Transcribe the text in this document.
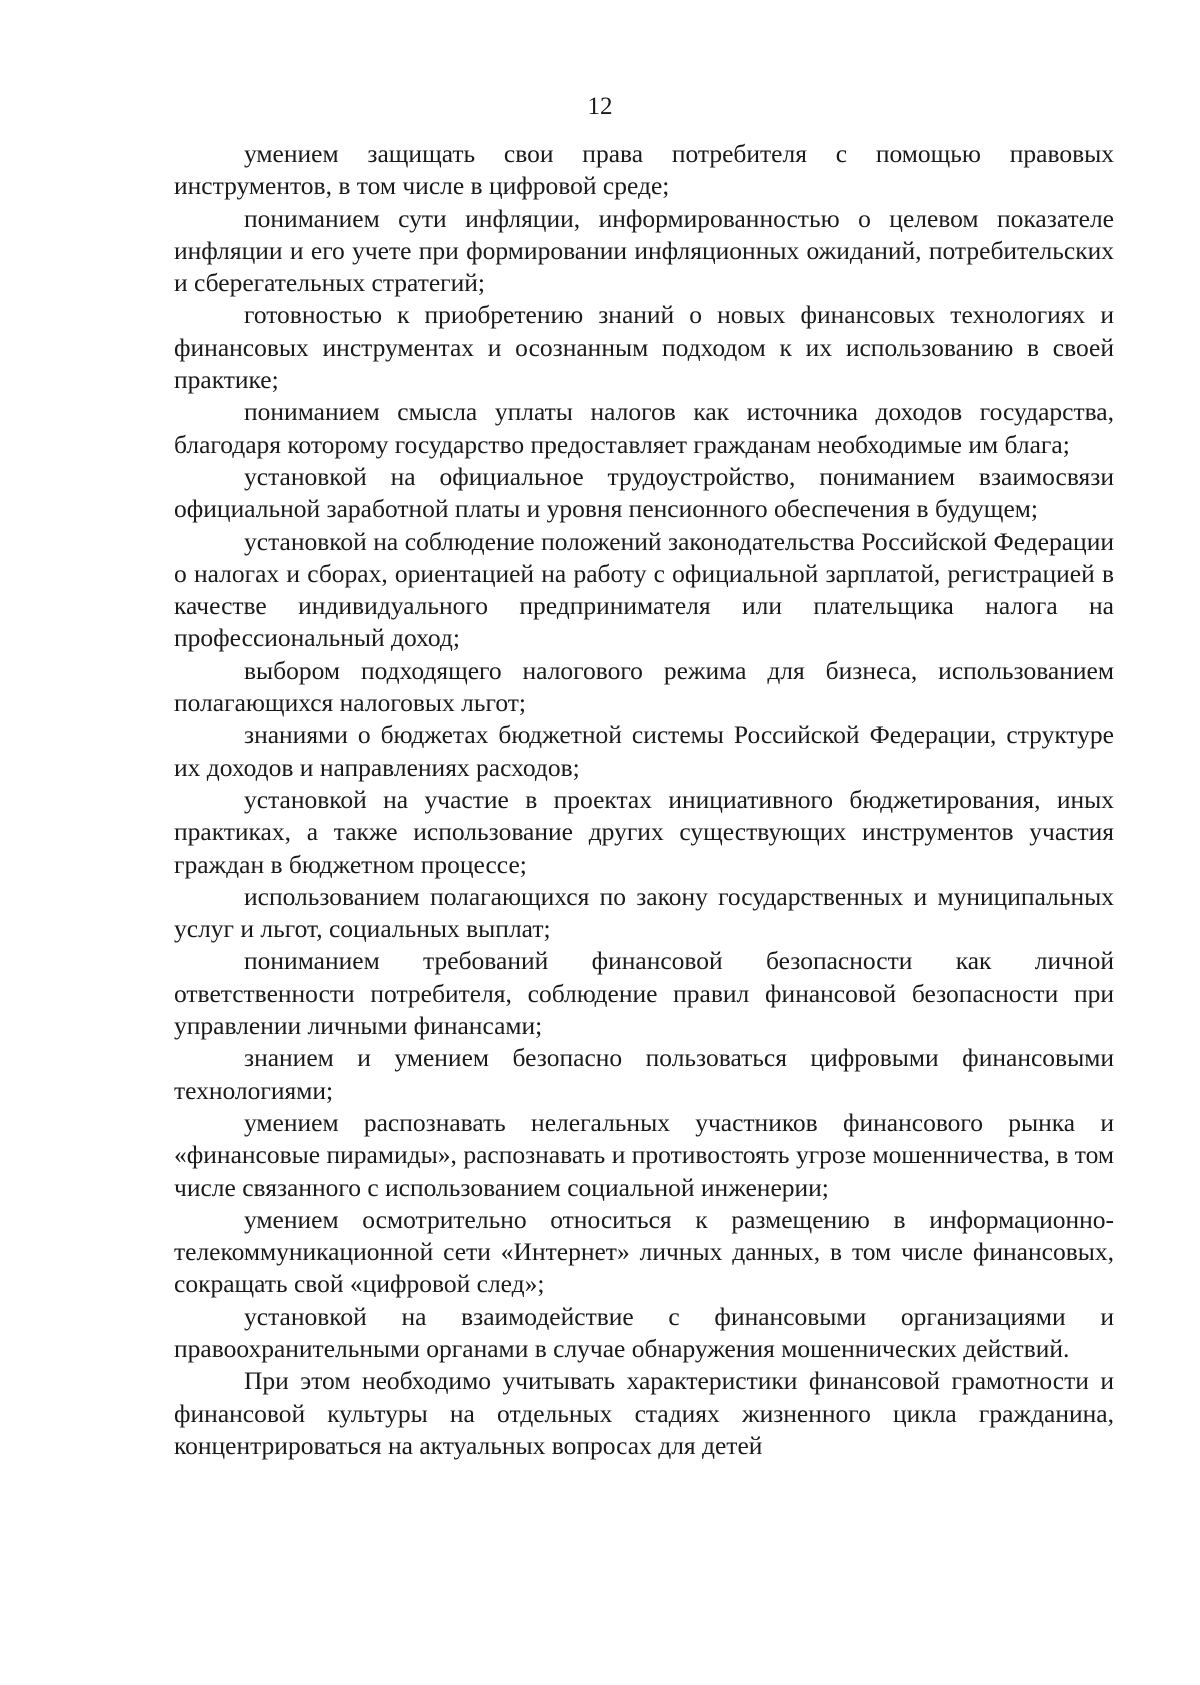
12

умением защищать свои права потребителя с помощью правовых инструментов, в том числе в цифровой среде;

пониманием сути инфляции, информированностью о целевом показателе инфляции и его учете при формировании инфляционных ожиданий, потребительских и сберегательных стратегий;

готовностью к приобретению знаний о новых финансовых технологиях и финансовых инструментах и осознанным подходом к их использованию в своей практике;

пониманием смысла уплаты налогов как источника доходов государства, благодаря которому государство предоставляет гражданам необходимые им блага;

установкой на официальное трудоустройство, пониманием взаимосвязи официальной заработной платы и уровня пенсионного обеспечения в будущем;

установкой на соблюдение положений законодательства Российской Федерации о налогах и сборах, ориентацией на работу с официальной зарплатой, регистрацией в качестве индивидуального предпринимателя или плательщика налога на профессиональный доход;

выбором подходящего налогового режима для бизнеса, использованием полагающихся налоговых льгот;

знаниями о бюджетах бюджетной системы Российской Федерации, структуре их доходов и направлениях расходов;

установкой на участие в проектах инициативного бюджетирования, иных практиках, а также использование других существующих инструментов участия граждан в бюджетном процессе;

использованием полагающихся по закону государственных и муниципальных услуг и льгот, социальных выплат;

пониманием требований финансовой безопасности как личной ответственности потребителя, соблюдение правил финансовой безопасности при управлении личными финансами;

знанием и умением безопасно пользоваться цифровыми финансовыми технологиями;

умением распознавать нелегальных участников финансового рынка и «финансовые пирамиды», распознавать и противостоять угрозе мошенничества, в том числе связанного с использованием социальной инженерии;

умением осмотрительно относиться к размещению в информационно-телекоммуникационной сети «Интернет» личных данных, в том числе финансовых, сокращать свой «цифровой след»;

установкой на взаимодействие с финансовыми организациями и правоохранительными органами в случае обнаружения мошеннических действий.

При этом необходимо учитывать характеристики финансовой грамотности и финансовой культуры на отдельных стадиях жизненного цикла гражданина, концентрироваться на актуальных вопросах для детей
